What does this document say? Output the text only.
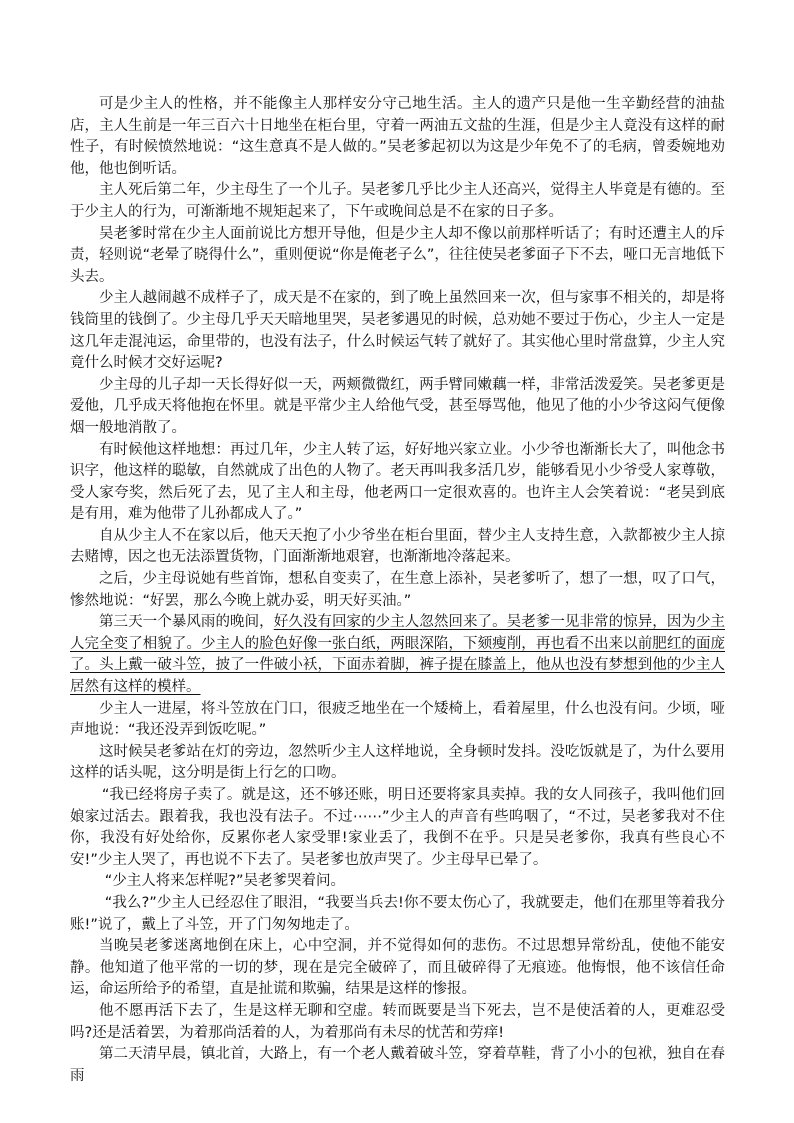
可是少主人的性格，并不能像主人那样安分守己地生活。主人的遗产只是他一生辛勤经营的油盐店，主人生前是一年三百六十日地坐在柜台里，守着一两油五文盐的生涯，但是少主人竟没有这样的耐性子，有时候愤然地说：“这生意真不是人做的。”吴老爹起初以为这是少年免不了的毛病，曾委婉地劝他，他也倒听话。

主人死后第二年，少主母生了一个儿子。吴老爹几乎比少主人还高兴，觉得主人毕竟是有德的。至于少主人的行为，可渐渐地不规矩起来了，下午或晚间总是不在家的日子多。

吴老爹时常在少主人面前说比方想开导他，但是少主人却不像以前那样听话了；有时还遭主人的斥责，轻则说“老晕了晓得什么”，重则便说“你是俺老子么”，往往使吴老爹面子下不去，哑口无言地低下头去。

少主人越闹越不成样子了，成天是不在家的，到了晚上虽然回来一次，但与家事不相关的，却是将钱筒里的钱倒了。少主母几乎天天暗地里哭，吴老爹遇见的时候，总劝她不要过于伤心，少主人一定是这几年走混沌运，命里带的，也没有法子，什么时候运气转了就好了。其实他心里时常盘算，少主人究竟什么时候才交好运呢?

少主母的儿子却一天长得好似一天，两颊微微红，两手臂同嫩藕一样，非常活泼爱笑。吴老爹更是爱他，几乎成天将他抱在怀里。就是平常少主人给他气受，甚至辱骂他，他见了他的小少爷这闷气便像烟一般地消散了。

有时候他这样地想：再过几年，少主人转了运，好好地兴家立业。小少爷也渐渐长大了，叫他念书识字，他这样的聪敏，自然就成了出色的人物了。老天再叫我多活几岁，能够看见小少爷受人家尊敬，受人家夸奖，然后死了去，见了主人和主母，他老两口一定很欢喜的。也许主人会笑着说：“老吴到底是有用，难为他带了儿孙都成人了。”

自从少主人不在家以后，他天天抱了小少爷坐在柜台里面，替少主人支持生意，入款都被少主人掠去赌博，因之也无法添置货物，门面渐渐地艰窘，也渐渐地冷落起来。

之后，少主母说她有些首饰，想私自变卖了，在生意上添补，吴老爹听了，想了一想，叹了口气，惨然地说：“好罢，那么今晚上就办妥，明天好买油。”

第三天一个暴风雨的晚间，好久没有回家的少主人忽然回来了。吴老爹一见非常的惊异，因为少主人完全变了相貌了。少主人的脸色好像一张白纸，两眼深陷，下颏瘦削，再也看不出来以前肥红的面庞了。头上戴一破斗笠，披了一件破小袄，下面赤着脚，裤子提在膝盖上，他从也没有梦想到他的少主人居然有这样的模样。

少主人一进屋，将斗笠放在门口，很疲乏地坐在一个矮椅上，看着屋里，什么也没有问。少顷，哑声地说：“我还没弄到饭吃呢。”

这时候吴老爹站在灯的旁边，忽然听少主人这样地说，全身顿时发抖。没吃饭就是了，为什么要用这样的话头呢，这分明是街上行乞的口吻。

“我已经将房子卖了。就是这，还不够还账，明日还要将家具卖掉。我的女人同孩子，我叫他们回娘家过活去。跟着我，我也没有法子。不过⋯⋯”少主人的声音有些呜咽了，“不过，吴老爹我对不住你，我没有好处给你，反累你老人家受罪!家业丢了，我倒不在乎。只是吴老爹你，我真有些良心不安!”少主人哭了，再也说不下去了。吴老爹也放声哭了。少主母早已晕了。

“少主人将来怎样呢?”吴老爹哭着问。

“我么?”少主人已经忍住了眼泪，“我要当兵去!你不要太伤心了，我就要走，他们在那里等着我分账!”说了，戴上了斗笠，开了门匆匆地走了。

当晚吴老爹迷离地倒在床上，心中空洞，并不觉得如何的悲伤。不过思想异常纷乱，使他不能安静。他知道了他平常的一切的梦，现在是完全破碎了，而且破碎得了无痕迹。他悔恨，他不该信任命运，命运所给予的希望，直是扯谎和欺骗，结果是这样的惨报。

他不愿再活下去了，生是这样无聊和空虚。转而既要是当下死去，岂不是使活着的人，更难忍受吗?还是活着罢，为着那尚活着的人，为着那尚有未尽的忧苦和劳痒!

第二天清早晨，镇北首，大路上，有一个老人戴着破斗笠，穿着草鞋，背了小小的包袱，独自在春雨
